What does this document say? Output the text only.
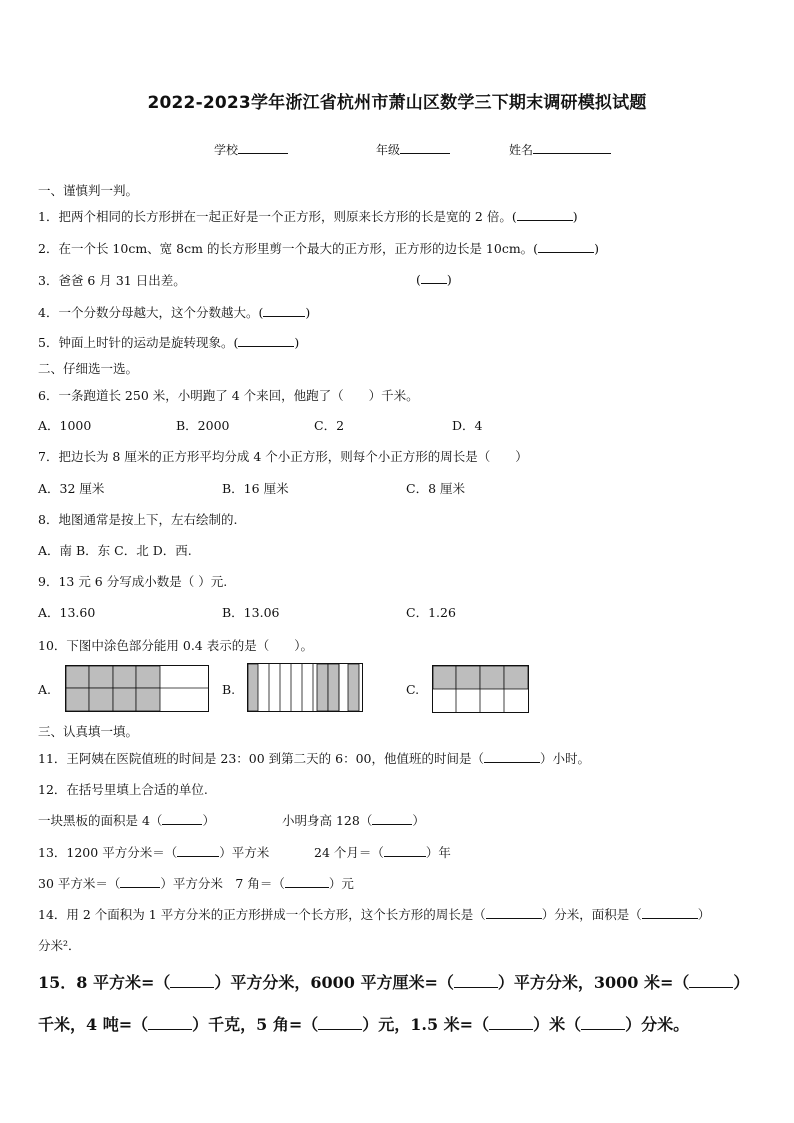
2022-2023学年浙江省杭州市萧山区数学三下期末调研模拟试题
学校	年级	姓名
一、谨慎判一判。
1．把两个相同的长方形拼在一起正好是一个正方形，则原来长方形的长是宽的 2 倍。(	)
2．在一个长 10cm、宽 8cm 的长方形里剪一个最大的正方形，正方形的边长是 10cm。(	)
3．爸爸 6 月 31 日出差。	( )
4．一个分数分母越大，这个分数越大。(	)
5．钟面上时针的运动是旋转现象。(	)
二、仔细选一选。
6．一条跑道长 250 米，小明跑了 4 个来回，他跑了（　　）千米。
A．1000	B．2000	C．2	D．4
7．把边长为 8 厘米的正方形平均分成 4 个小正方形，则每个小正方形的周长是（　　）
A．32 厘米	B．16 厘米	C．8 厘米
8．地图通常是按上下，左右绘制的.
A．南 B．东 C．北 D．西.
9．13 元 6 分写成小数是（ ）元.
A．13.60	B．13.06	C．1.26
10．下图中涂色部分能用 0.4 表示的是（　　）。
A.	B.	C.
三、认真填一填。
11．王阿姨在医院值班的时间是 23：00 到第二天的 6：00，他值班的时间是（	）小时。
12．在括号里填上合适的单位.
一块黑板的面积是 4（	）	小明身高 128（	）
13．1200 平方分米＝（	）平方米	24 个月＝（	）年
30 平方米＝（	）平方分米　 7 角＝（	）元
14．用 2 个面积为 1 平方分米的正方形拼成一个长方形，这个长方形的周长是（	）分米，面积是（	）
分米²．
15．8 平方米=（	）平方分米，6000 平方厘米=（	）平方分米，3000 米=（	）
千米，4 吨=（	）千克，5 角=（	）元，1.5 米=（	）米（	）分米。
